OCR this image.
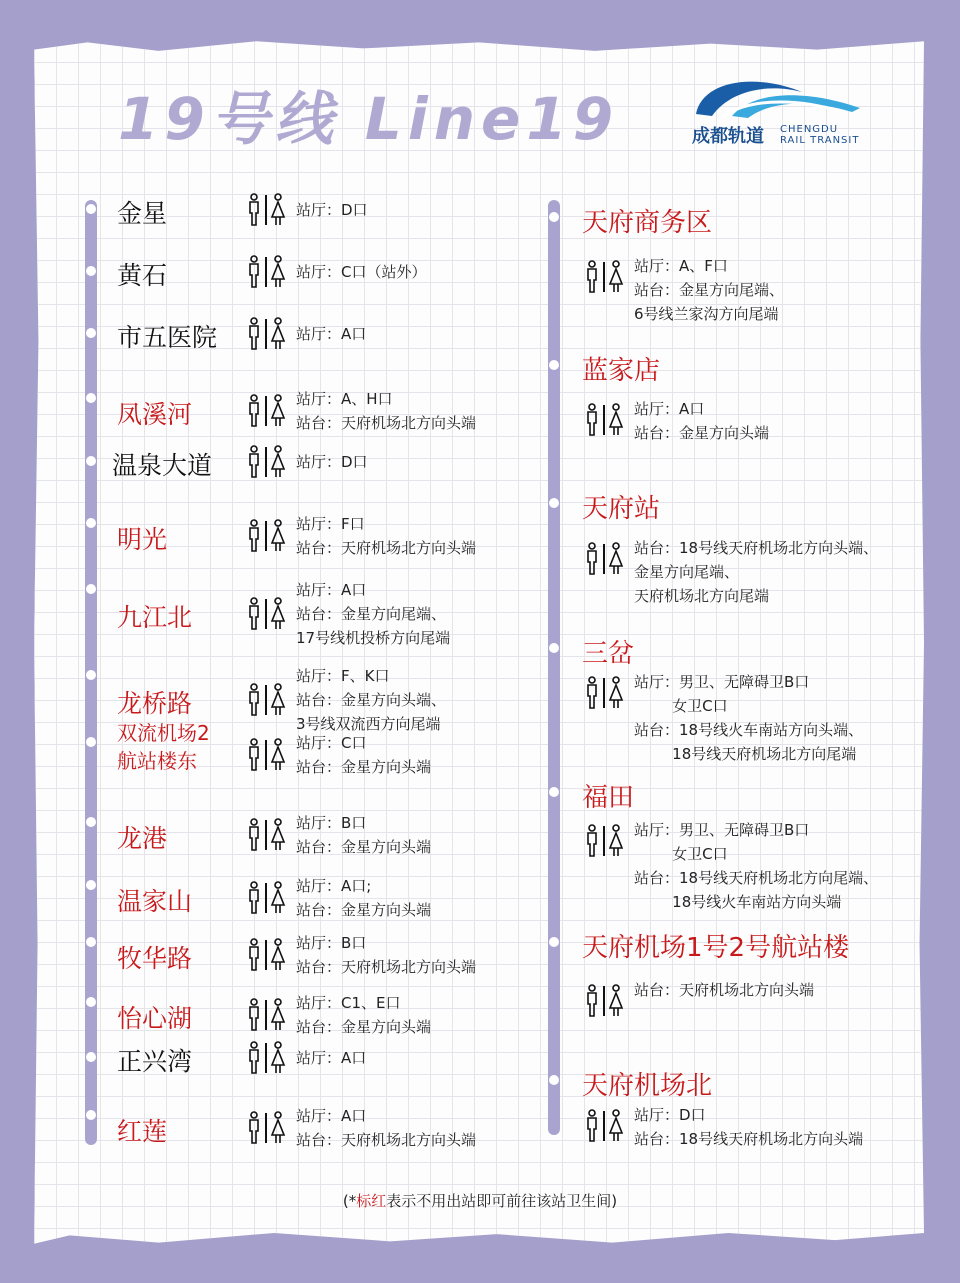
19号线 Line19	成都轨道 CHENGDU
RAIL TRANSIT
金星	站厅：D口
黄石	站厅：C口（站外）
市五医院	站厅：A口
凤溪河
站厅：A、H口
站台：天府机场北方向头端
温泉大道	站厅：D口
明光
站厅：F口
站台：天府机场北方向头端
九江北
站厅：A口
站台：金星方向尾端、
17号线机投桥方向尾端
龙桥路
站厅：F、K口
站台：金星方向头端、
3号线双流西方向尾端
双流机场2
航站楼东
站厅：C口
站台：金星方向头端
龙港
站厅：B口
站台：金星方向头端
温家山
站厅：A口;
站台：金星方向头端
牧华路
站厅：B口
站台：天府机场北方向头端
怡心湖
站厅：C1、E口
站台：金星方向头端
正兴湾	站厅：A口
红莲
站厅：A口
站台：天府机场北方向头端
天府商务区
站厅：A、F口
站台：金星方向尾端、
6号线兰家沟方向尾端
蓝家店
站厅：A口
站台：金星方向头端
天府站
站台：18号线天府机场北方向头端、
金星方向尾端、
天府机场北方向尾端
三岔
站厅：男卫、无障碍卫B口
女卫C口
站台：18号线火车南站方向头端、
18号线天府机场北方向尾端
福田
站厅：男卫、无障碍卫B口
女卫C口
站台：18号线天府机场北方向尾端、
18号线火车南站方向头端
天府机场1号2号航站楼
站台：天府机场北方向头端
天府机场北
站厅：D口
站台：18号线天府机场北方向头端
(*标红表示不用出站即可前往该站卫生间)
